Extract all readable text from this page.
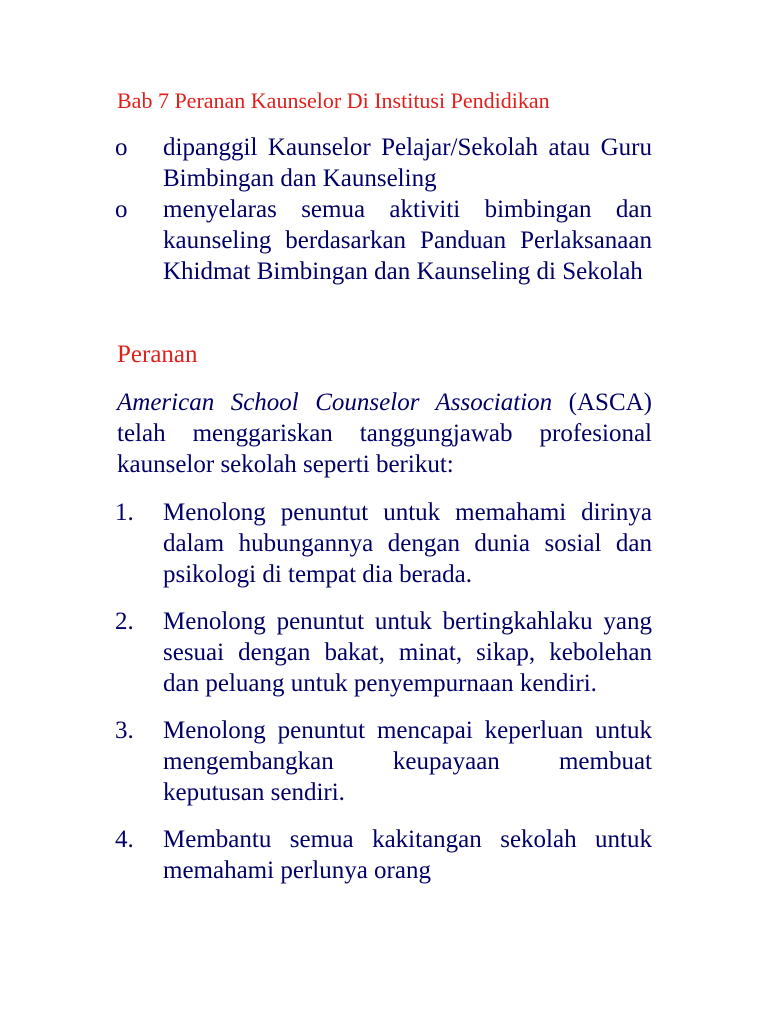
Bab 7 Peranan Kaunselor Di Institusi Pendidikan
o	dipanggil Kaunselor Pelajar/Sekolah atau Guru Bimbingan dan Kaunseling
o	menyelaras semua aktiviti bimbingan dan kaunseling berdasarkan Panduan Perlaksanaan Khidmat Bimbingan dan Kaunseling di Sekolah
Peranan

American School Counselor Association (ASCA) telah menggariskan tanggungjawab profesional kaunselor sekolah seperti berikut:

1.	Menolong penuntut untuk memahami dirinya dalam hubungannya dengan dunia sosial dan psikologi di tempat dia berada.
2.	Menolong penuntut untuk bertingkahlaku yang sesuai dengan bakat, minat, sikap, kebolehan dan peluang untuk penyempurnaan kendiri.
3.	Menolong penuntut mencapai keperluan untuk mengembangkan keupayaan membuat keputusan sendiri.
4.	Membantu semua kakitangan sekolah untuk memahami perlunya orang
